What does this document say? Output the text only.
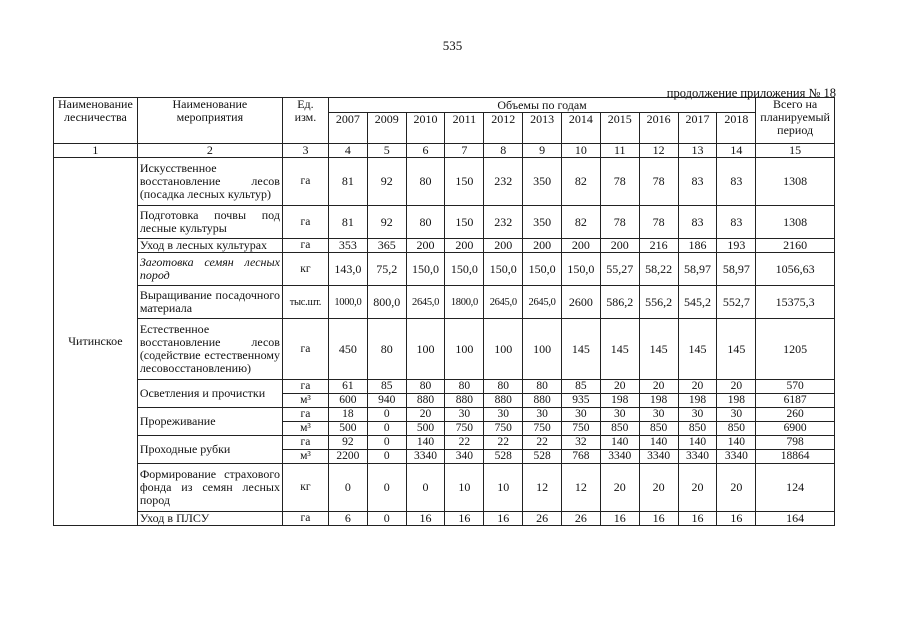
535
продолжение приложения № 18
Наименование лесничества	Наименование мероприятия	Ед. изм.	Объемы по годам											Всего на планируемый период
			2007	2009	2010	2011	2012	2013	2014	2015	2016	2017	2018	
1	2	3	4	5	6	7	8	9	10	11	12	13	14	15
Читинское	Искусственное восстановление лесов (посадка лесных культур)	га	81	92	80	150	232	350	82	78	78	83	83	1308
	Подготовка почвы под лесные культуры	га	81	92	80	150	232	350	82	78	78	83	83	1308
	Уход в лесных культурах	га	353	365	200	200	200	200	200	200	216	186	193	2160
	Заготовка семян лесных пород	кг	143,0	75,2	150,0	150,0	150,0	150,0	150,0	55,27	58,22	58,97	58,97	1056,63
	Выращивание посадочного материала	тыс.шт.	1000,0	800,0	2645,0	1800,0	2645,0	2645,0	2600	586,2	556,2	545,2	552,7	15375,3
	Естественное восстановление лесов (содействие естественному лесовосстановлению)	га	450	80	100	100	100	100	145	145	145	145	145	1205
	Осветления и прочистки	га	61	85	80	80	80	80	85	20	20	20	20	570
		м³	600	940	880	880	880	880	935	198	198	198	198	6187
	Прореживание	га	18	0	20	30	30	30	30	30	30	30	30	260
		м³	500	0	500	750	750	750	750	850	850	850	850	6900
	Проходные рубки	га	92	0	140	22	22	22	32	140	140	140	140	798
		м³	2200	0	3340	340	528	528	768	3340	3340	3340	3340	18864
	Формирование страхового фонда из семян лесных пород	кг	0	0	0	10	10	12	12	20	20	20	20	124
	Уход в ПЛСУ	га	6	0	16	16	16	26	26	16	16	16	16	164
